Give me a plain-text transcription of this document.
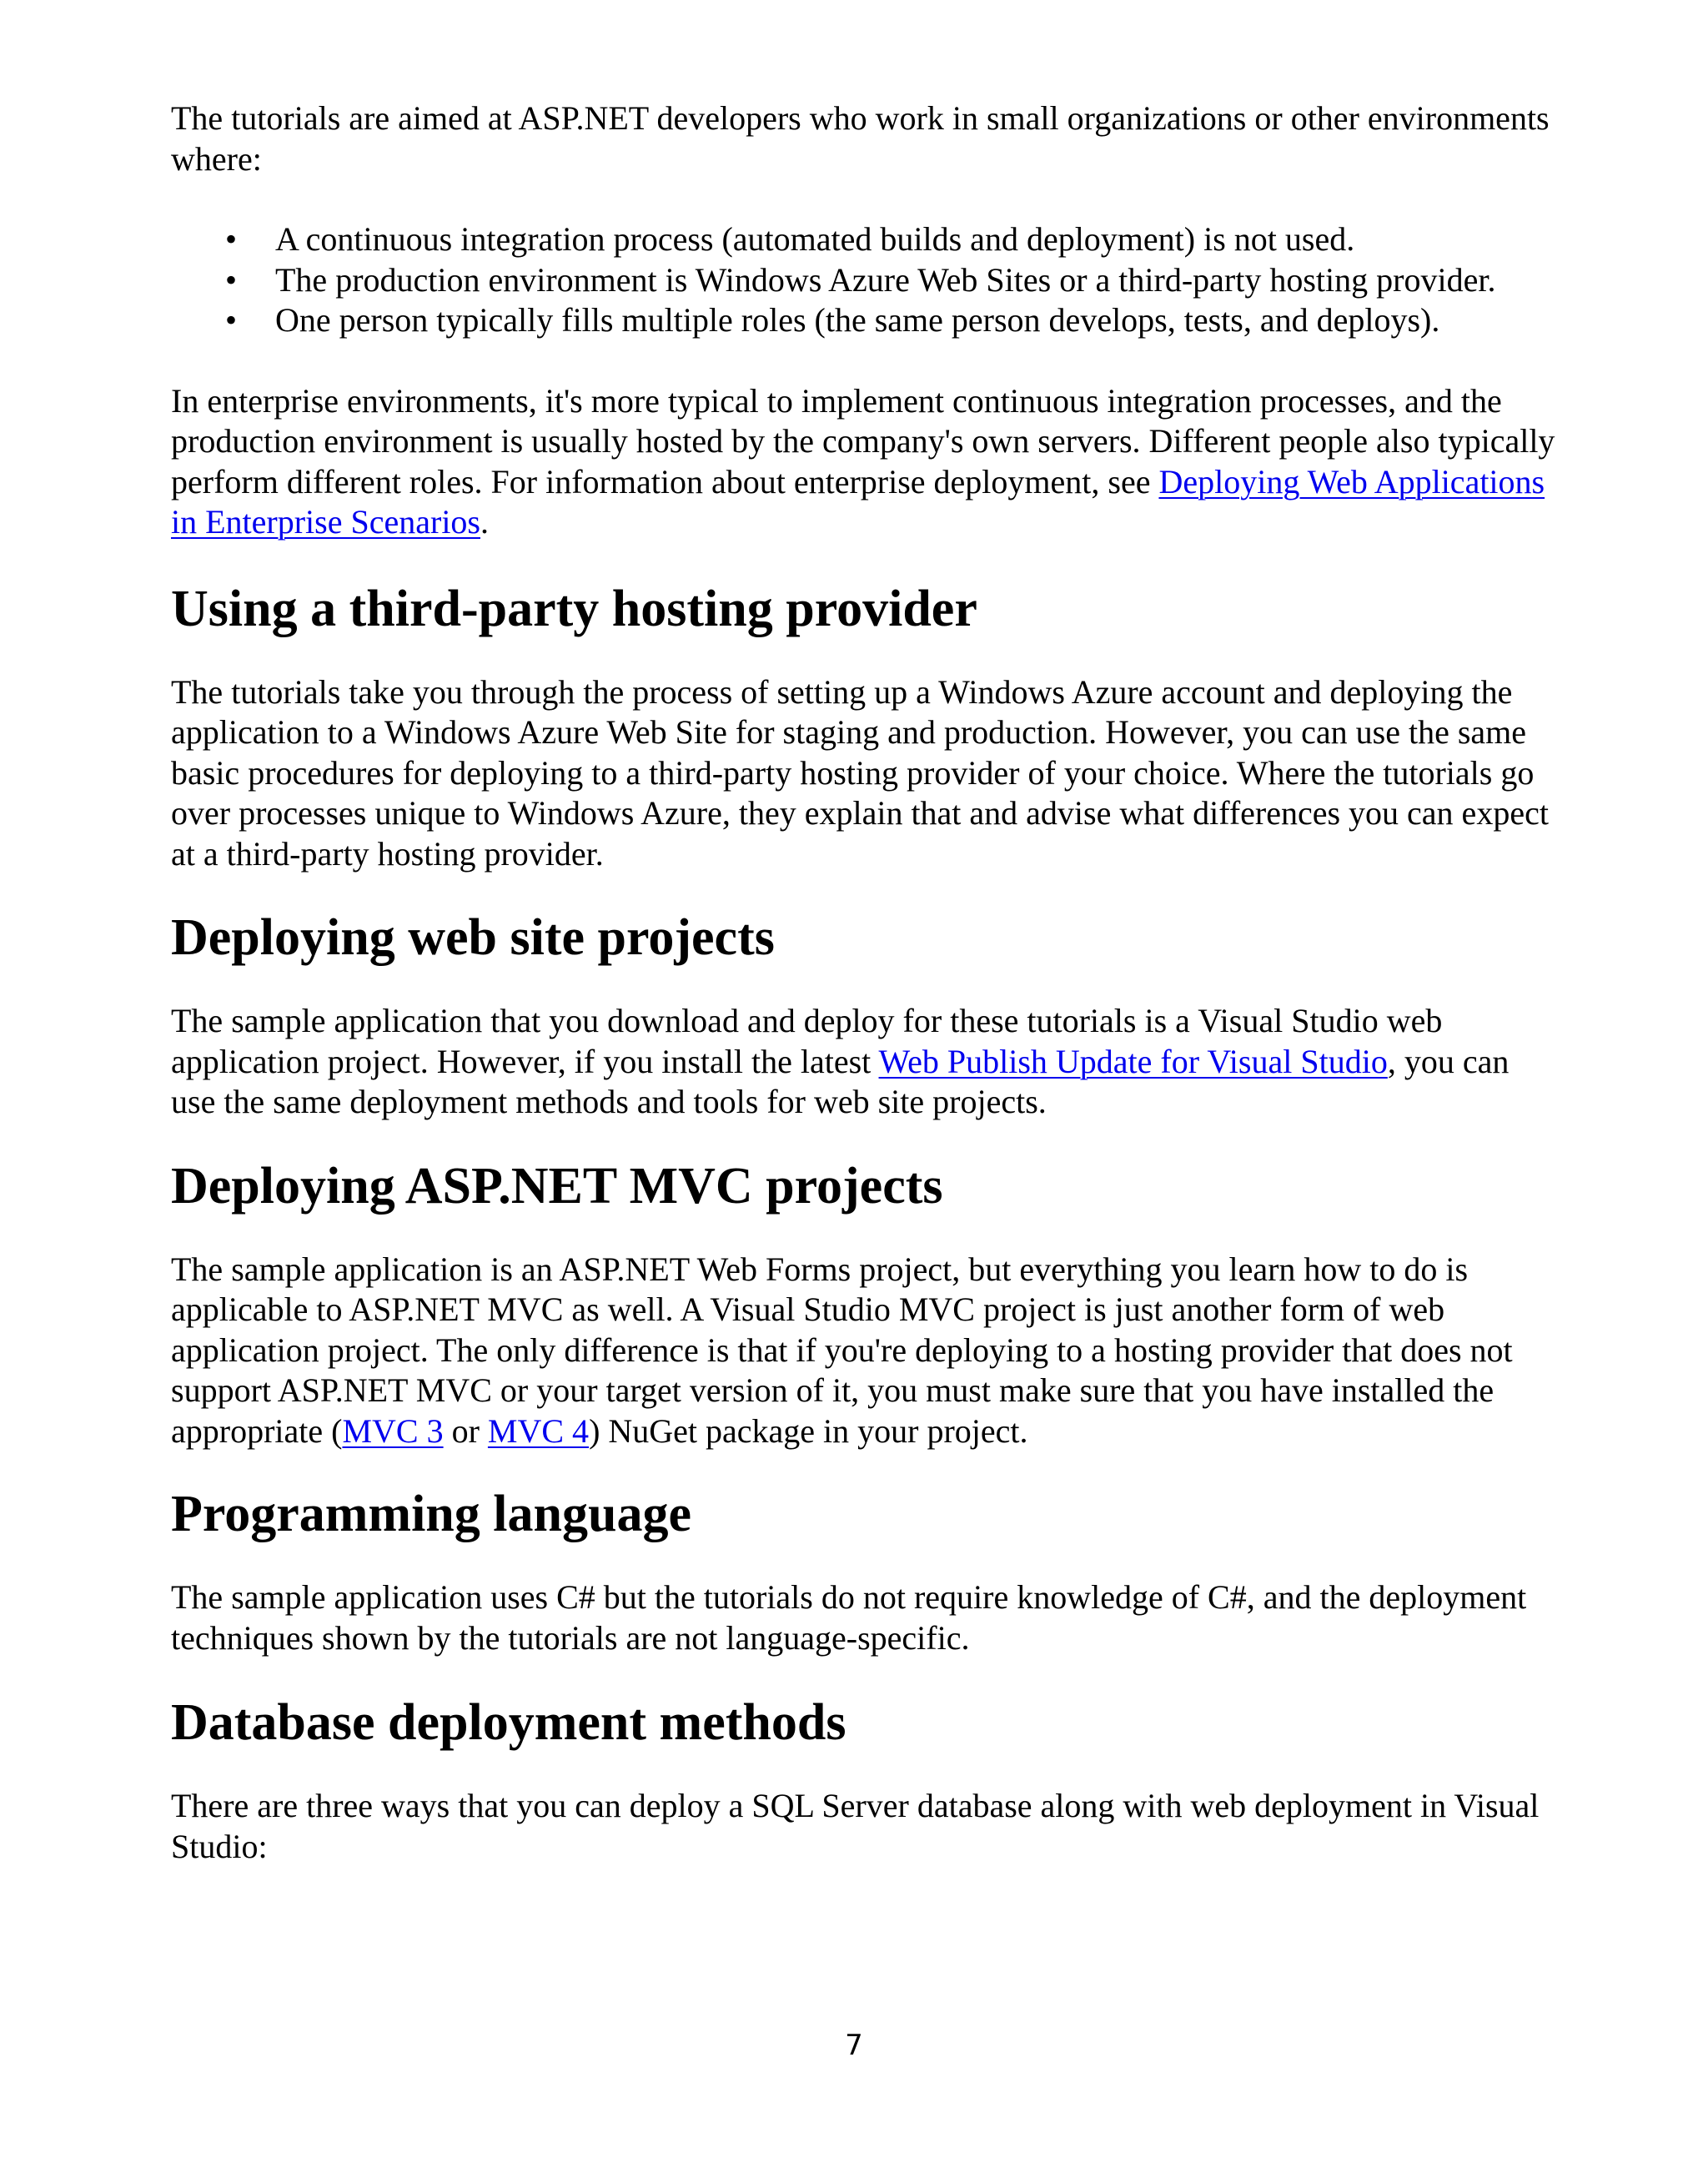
The tutorials are aimed at ASP.NET developers who work in small organizations or other environments where:

• A continuous integration process (automated builds and deployment) is not used.
• The production environment is Windows Azure Web Sites or a third-party hosting provider.
• One person typically fills multiple roles (the same person develops, tests, and deploys).

In enterprise environments, it's more typical to implement continuous integration processes, and the production environment is usually hosted by the company's own servers. Different people also typically perform different roles. For information about enterprise deployment, see Deploying Web Applications in Enterprise Scenarios.

Using a third-party hosting provider

The tutorials take you through the process of setting up a Windows Azure account and deploying the application to a Windows Azure Web Site for staging and production. However, you can use the same basic procedures for deploying to a third-party hosting provider of your choice. Where the tutorials go over processes unique to Windows Azure, they explain that and advise what differences you can expect at a third-party hosting provider.

Deploying web site projects

The sample application that you download and deploy for these tutorials is a Visual Studio web application project. However, if you install the latest Web Publish Update for Visual Studio, you can use the same deployment methods and tools for web site projects.

Deploying ASP.NET MVC projects

The sample application is an ASP.NET Web Forms project, but everything you learn how to do is applicable to ASP.NET MVC as well. A Visual Studio MVC project is just another form of web application project. The only difference is that if you're deploying to a hosting provider that does not support ASP.NET MVC or your target version of it, you must make sure that you have installed the appropriate (MVC 3 or MVC 4) NuGet package in your project.

Programming language

The sample application uses C# but the tutorials do not require knowledge of C#, and the deployment techniques shown by the tutorials are not language-specific.

Database deployment methods

There are three ways that you can deploy a SQL Server database along with web deployment in Visual Studio:

7
